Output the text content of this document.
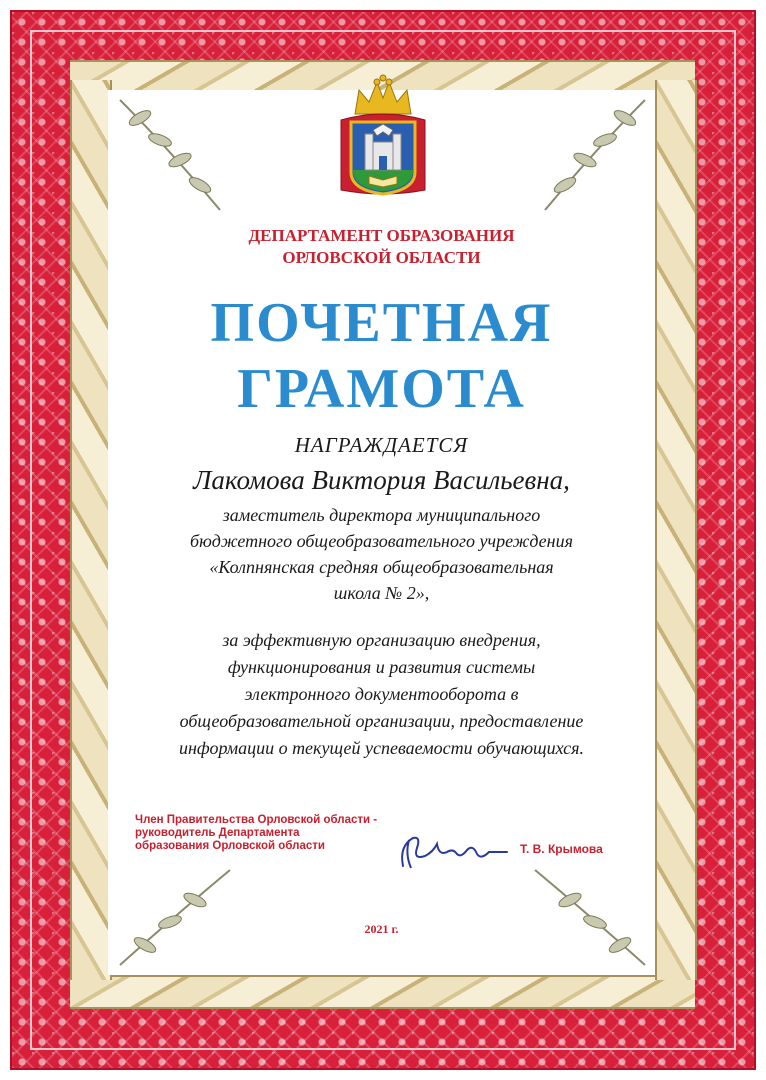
ДЕПАРТАМЕНТ ОБРАЗОВАНИЯ
ОРЛОВСКОЙ ОБЛАСТИ
ПОЧЕТНАЯ
ГРАМОТА
НАГРАЖДАЕТСЯ
Лакомова Виктория Васильевна,
заместитель директора муниципального
бюджетного общеобразовательного учреждения
«Колпнянская средняя общеобразовательная
школа № 2»,
за эффективную организацию внедрения,
функционирования и развития системы
электронного документооборота в
общеобразовательной организации, предоставление
информации о текущей успеваемости обучающихся.
Член Правительства Орловской области -
руководитель Департамента
образования Орловской области	Т. В. Крымова
2021 г.
